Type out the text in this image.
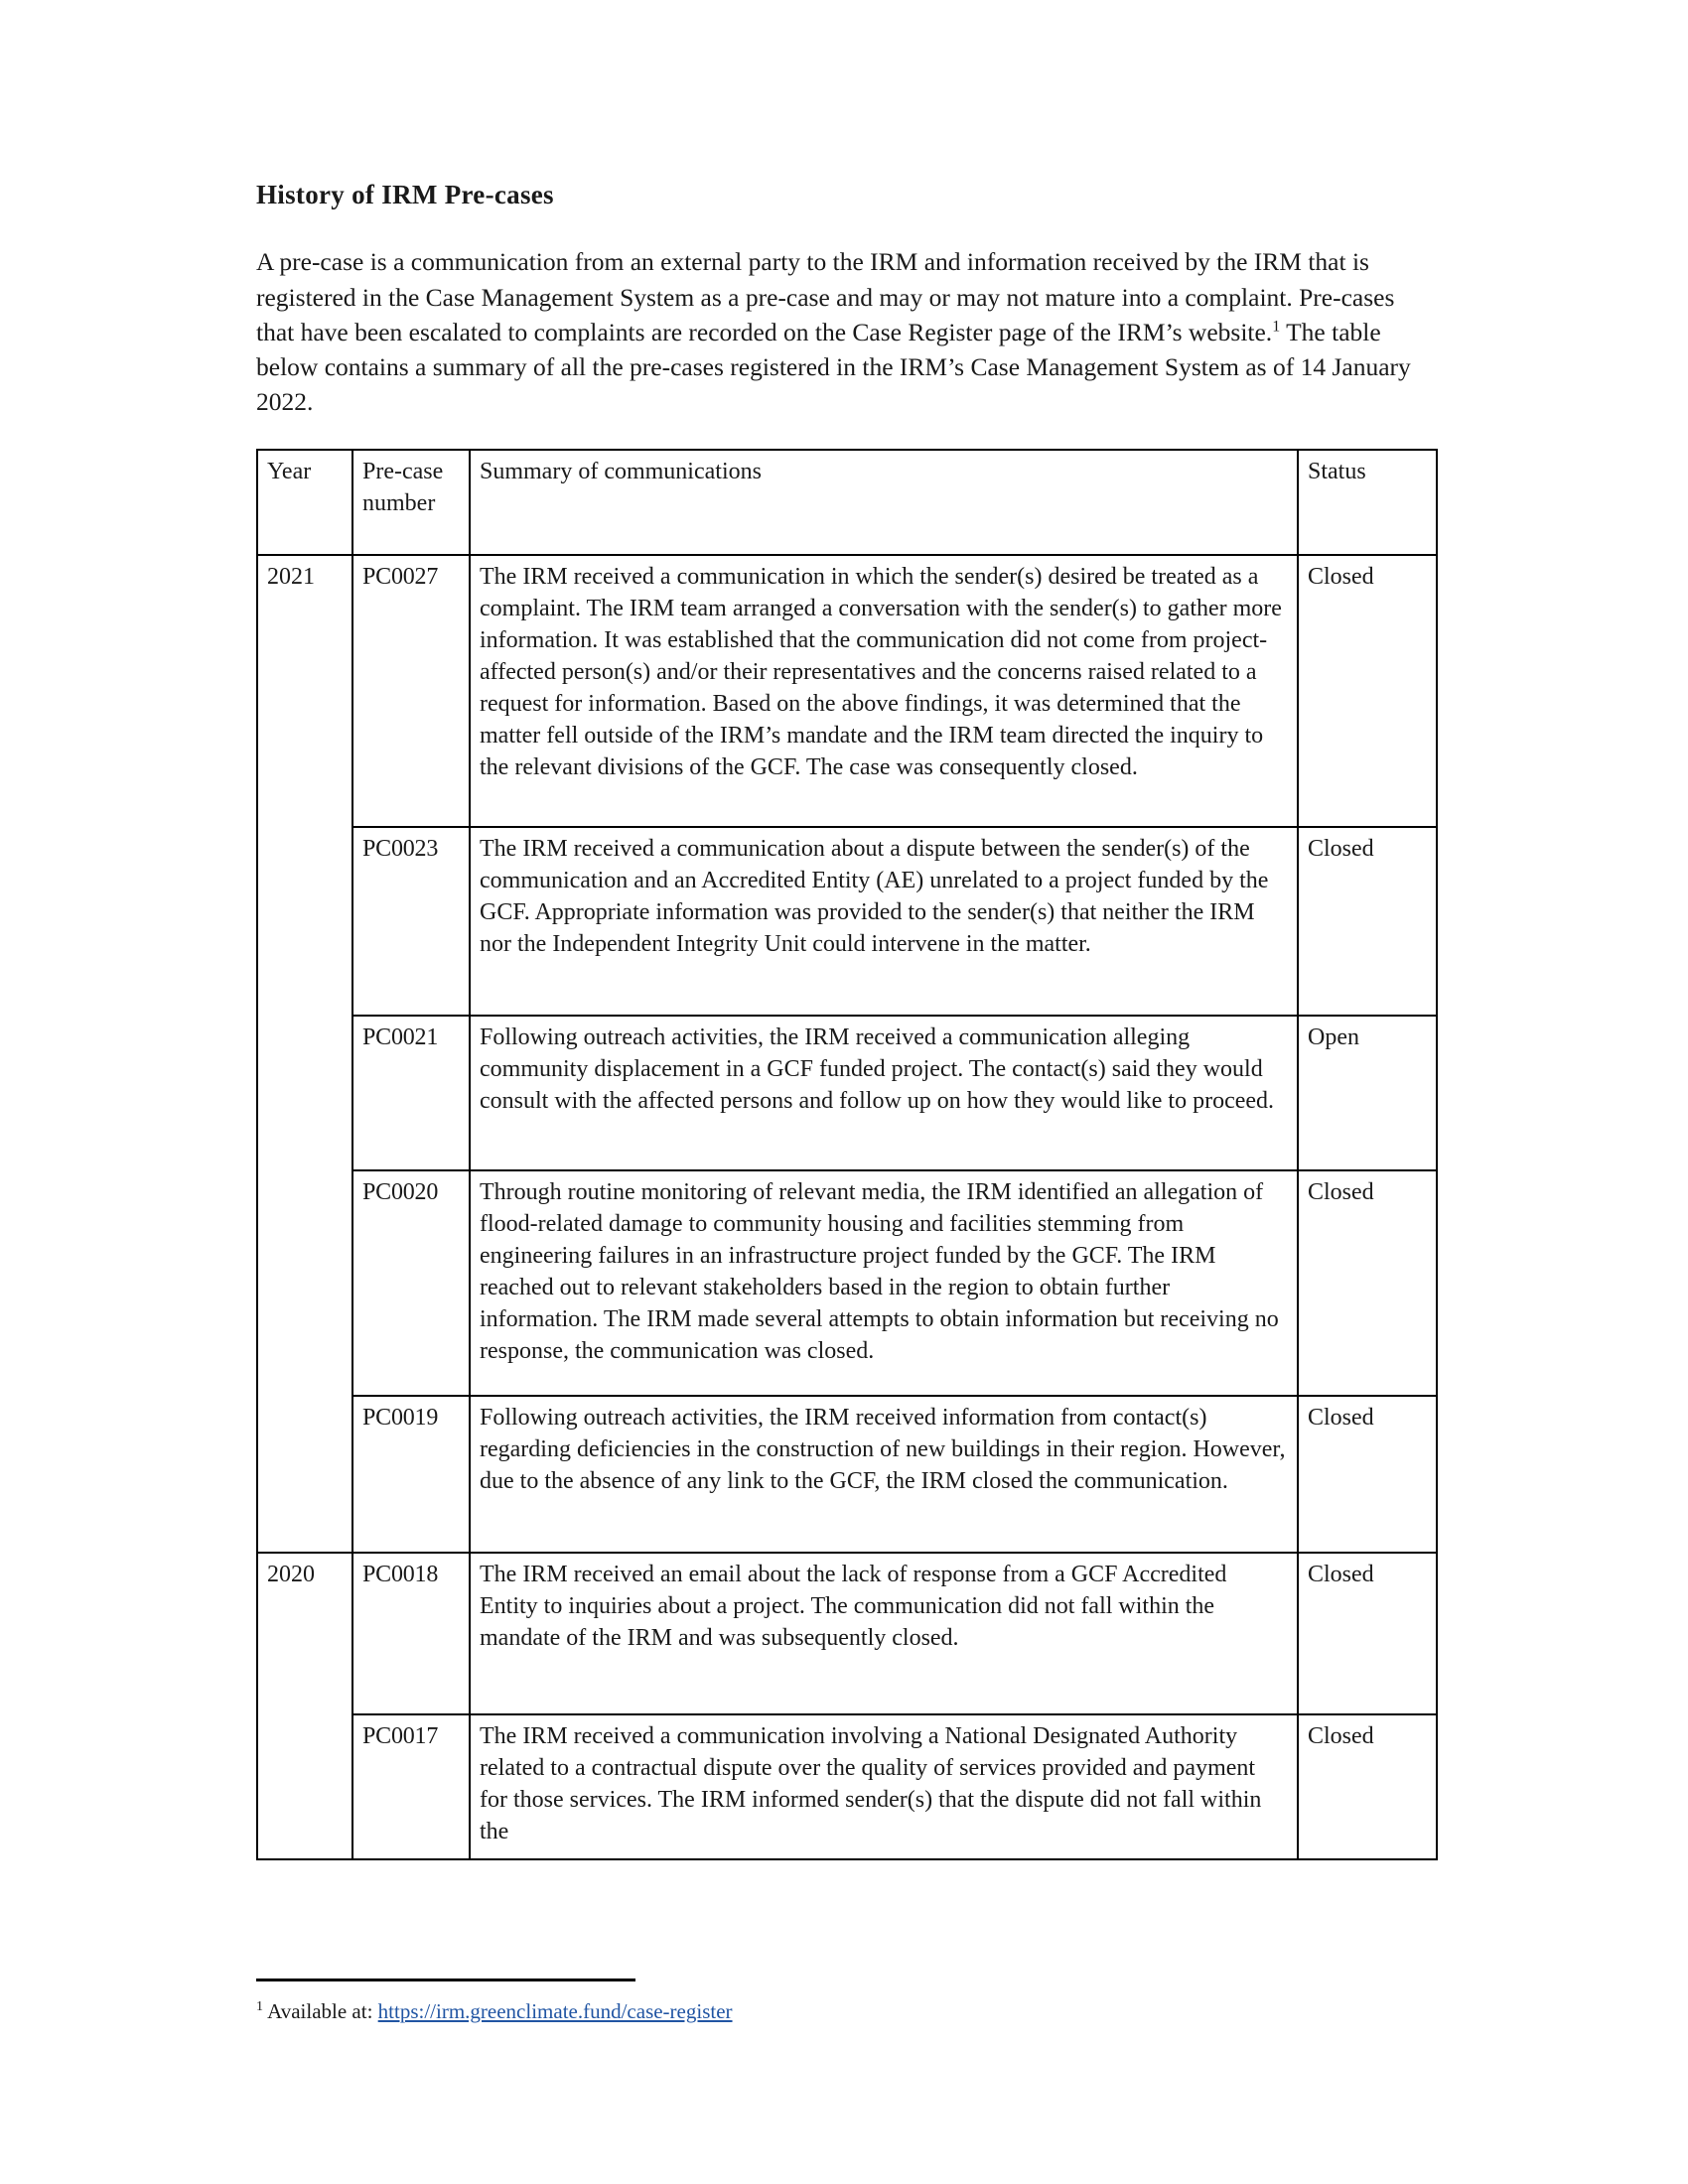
History of IRM Pre-cases

A pre-case is a communication from an external party to the IRM and information received by the IRM that is registered in the Case Management System as a pre-case and may or may not mature into a complaint. Pre-cases that have been escalated to complaints are recorded on the Case Register page of the IRM’s website.$^1$ The table below contains a summary of all the pre-cases registered in the IRM’s Case Management System as of 14 January 2022.

Year	Pre-case number	Summary of communications	Status
2021	PC0027	The IRM received a communication in which the sender(s) desired be treated as a complaint. The IRM team arranged a conversation with the sender(s) to gather more information. It was established that the communication did not come from project-affected person(s) and/or their representatives and the concerns raised related to a request for information. Based on the above findings, it was determined that the matter fell outside of the IRM’s mandate and the IRM team directed the inquiry to the relevant divisions of the GCF. The case was consequently closed.	Closed
	PC0023	The IRM received a communication about a dispute between the sender(s) of the communication and an Accredited Entity (AE) unrelated to a project funded by the GCF. Appropriate information was provided to the sender(s) that neither the IRM nor the Independent Integrity Unit could intervene in the matter.	Closed
	PC0021	Following outreach activities, the IRM received a communication alleging community displacement in a GCF funded project. The contact(s) said they would consult with the affected persons and follow up on how they would like to proceed.	Open
	PC0020	Through routine monitoring of relevant media, the IRM identified an allegation of flood-related damage to community housing and facilities stemming from engineering failures in an infrastructure project funded by the GCF. The IRM reached out to relevant stakeholders based in the region to obtain further information. The IRM made several attempts to obtain information but receiving no response, the communication was closed.	Closed
	PC0019	Following outreach activities, the IRM received information from contact(s) regarding deficiencies in the construction of new buildings in their region. However, due to the absence of any link to the GCF, the IRM closed the communication.	Closed
2020	PC0018	The IRM received an email about the lack of response from a GCF Accredited Entity to inquiries about a project. The communication did not fall within the mandate of the IRM and was subsequently closed.	Closed
	PC0017	The IRM received a communication involving a National Designated Authority related to a contractual dispute over the quality of services provided and payment for those services. The IRM informed sender(s) that the dispute did not fall within the	Closed
$^1$ Available at: https://irm.greenclimate.fund/case-register
